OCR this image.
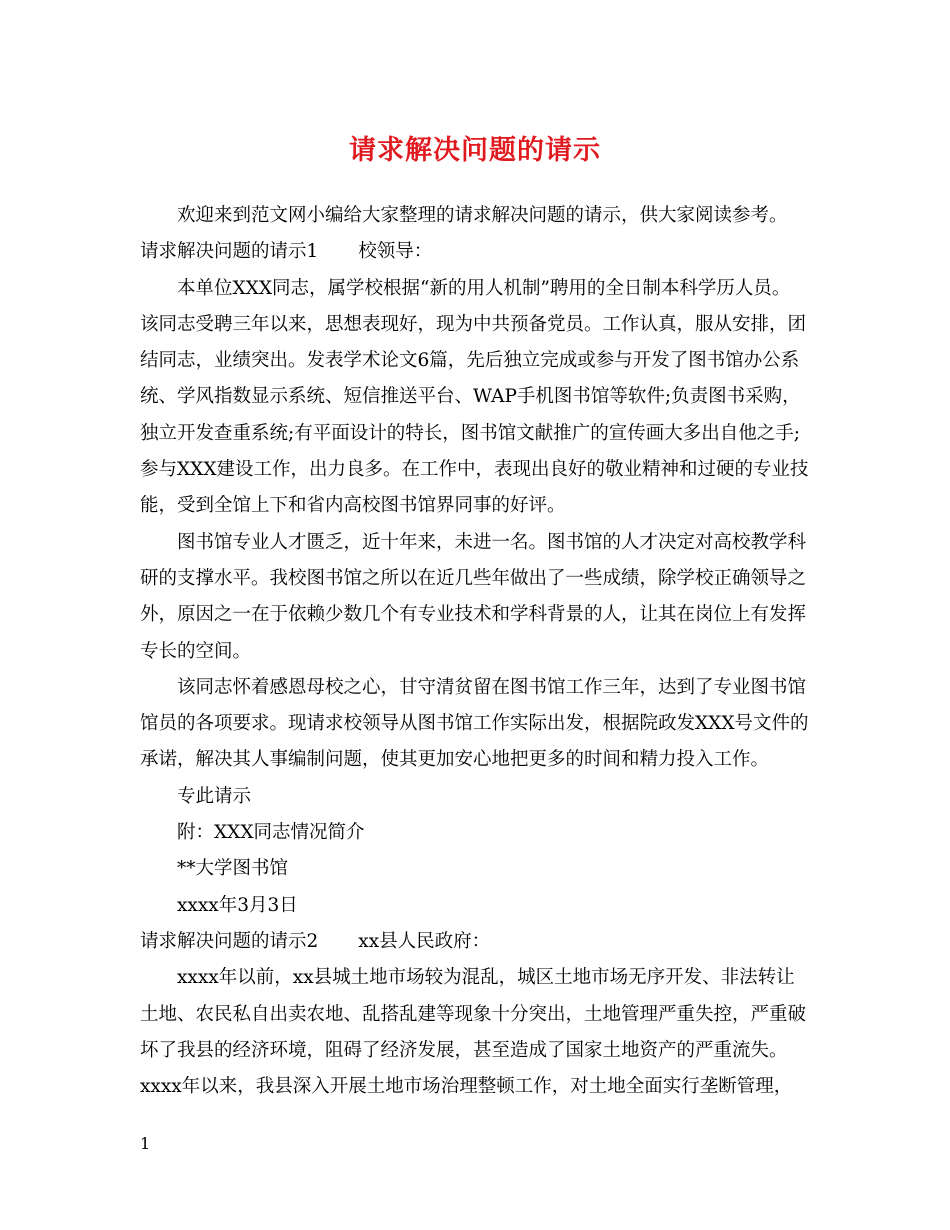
请求解决问题的请示

欢迎来到范文网小编给大家整理的请求解决问题的请示，供大家阅读参考。

请求解决问题的请示1 校领导：

本单位XXX同志，属学校根据“新的用人机制”聘用的全日制本科学历人员。

该同志受聘三年以来，思想表现好，现为中共预备党员。工作认真，服从安排，团

结同志，业绩突出。发表学术论文6篇，先后独立完成或参与开发了图书馆办公系

统、学风指数显示系统、短信推送平台、WAP手机图书馆等软件;负责图书采购，

独立开发查重系统;有平面设计的特长，图书馆文献推广的宣传画大多出自他之手;

参与XXX建设工作，出力良多。在工作中，表现出良好的敬业精神和过硬的专业技

能，受到全馆上下和省内高校图书馆界同事的好评。

图书馆专业人才匮乏，近十年来，未进一名。图书馆的人才决定对高校教学科

研的支撑水平。我校图书馆之所以在近几些年做出了一些成绩，除学校正确领导之

外，原因之一在于依赖少数几个有专业技术和学科背景的人，让其在岗位上有发挥

专长的空间。

该同志怀着感恩母校之心，甘守清贫留在图书馆工作三年，达到了专业图书馆

馆员的各项要求。现请求校领导从图书馆工作实际出发，根据院政发XXX号文件的

承诺，解决其人事编制问题，使其更加安心地把更多的时间和精力投入工作。

专此请示

附：XXX同志情况简介

**大学图书馆

xxxx年3月3日

请求解决问题的请示2 xx县人民政府：

xxxx年以前，xx县城土地市场较为混乱，城区土地市场无序开发、非法转让

土地、农民私自出卖农地、乱搭乱建等现象十分突出，土地管理严重失控，严重破

坏了我县的经济环境，阻碍了经济发展，甚至造成了国家土地资产的严重流失。

xxxx年以来，我县深入开展土地市场治理整顿工作，对土地全面实行垄断管理，

1
